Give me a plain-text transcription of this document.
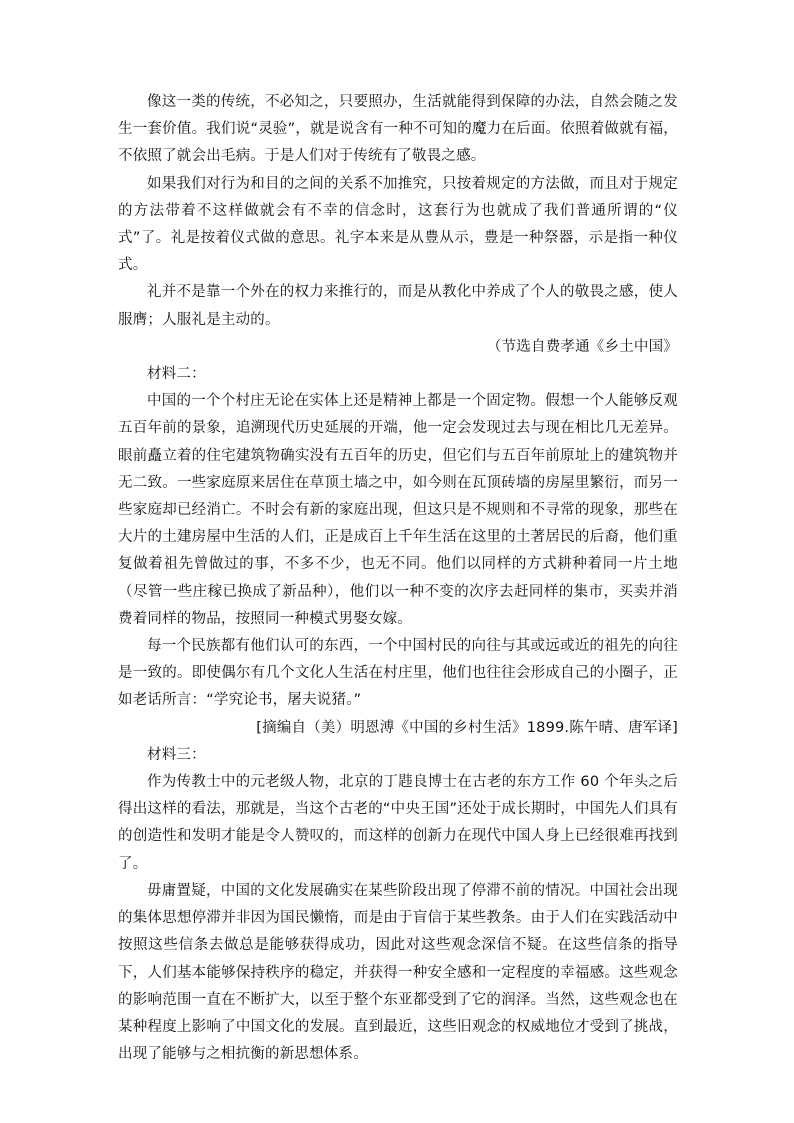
像这一类的传统，不必知之，只要照办，生活就能得到保障的办法，自然会随之发生一套价值。我们说“灵验”，就是说含有一种不可知的魔力在后面。依照着做就有福，不依照了就会出毛病。于是人们对于传统有了敬畏之感。

如果我们对行为和目的之间的关系不加推究，只按着规定的方法做，而且对于规定的方法带着不这样做就会有不幸的信念时，这套行为也就成了我们普通所谓的“仪式”了。礼是按着仪式做的意思。礼字本来是从豊从示，豊是一种祭器，示是指一种仪式。

礼并不是靠一个外在的权力来推行的，而是从教化中养成了个人的敬畏之感，使人服膺；人服礼是主动的。

（节选自费孝通《乡土中国》

材料二：

中国的一个个村庄无论在实体上还是精神上都是一个固定物。假想一个人能够反观五百年前的景象，追溯现代历史延展的开端，他一定会发现过去与现在相比几无差异。眼前矗立着的住宅建筑物确实没有五百年的历史，但它们与五百年前原址上的建筑物并无二致。一些家庭原来居住在草顶土墙之中，如今则在瓦顶砖墙的房屋里繁衍，而另一些家庭却已经消亡。不时会有新的家庭出现，但这只是不规则和不寻常的现象，那些在大片的土建房屋中生活的人们，正是成百上千年生活在这里的土著居民的后裔，他们重复做着祖先曾做过的事，不多不少，也无不同。他们以同样的方式耕种着同一片土地（尽管一些庄稼已换成了新品种），他们以一种不变的次序去赶同样的集市，买卖并消费着同样的物品，按照同一种模式男娶女嫁。

每一个民族都有他们认可的东西，一个中国村民的向往与其或远或近的祖先的向往是一致的。即使偶尔有几个文化人生活在村庄里，他们也往往会形成自己的小圈子，正如老话所言：“学究论书，屠夫说猪。”

[摘编自（美）明恩溥《中国的乡村生活》1899.陈午晴、唐军译]

材料三：

作为传教士中的元老级人物，北京的丁韪良博士在古老的东方工作 60 个年头之后得出这样的看法，那就是，当这个古老的“中央王国”还处于成长期时，中国先人们具有的创造性和发明才能是令人赞叹的，而这样的创新力在现代中国人身上已经很难再找到了。

毋庸置疑，中国的文化发展确实在某些阶段出现了停滞不前的情况。中国社会出现的集体思想停滞并非因为国民懒惰，而是由于盲信于某些教条。由于人们在实践活动中按照这些信条去做总是能够获得成功，因此对这些观念深信不疑。在这些信条的指导下，人们基本能够保持秩序的稳定，并获得一种安全感和一定程度的幸福感。这些观念的影响范围一直在不断扩大，以至于整个东亚都受到了它的润泽。当然，这些观念也在某种程度上影响了中国文化的发展。直到最近，这些旧观念的权威地位才受到了挑战，出现了能够与之相抗衡的新思想体系。
